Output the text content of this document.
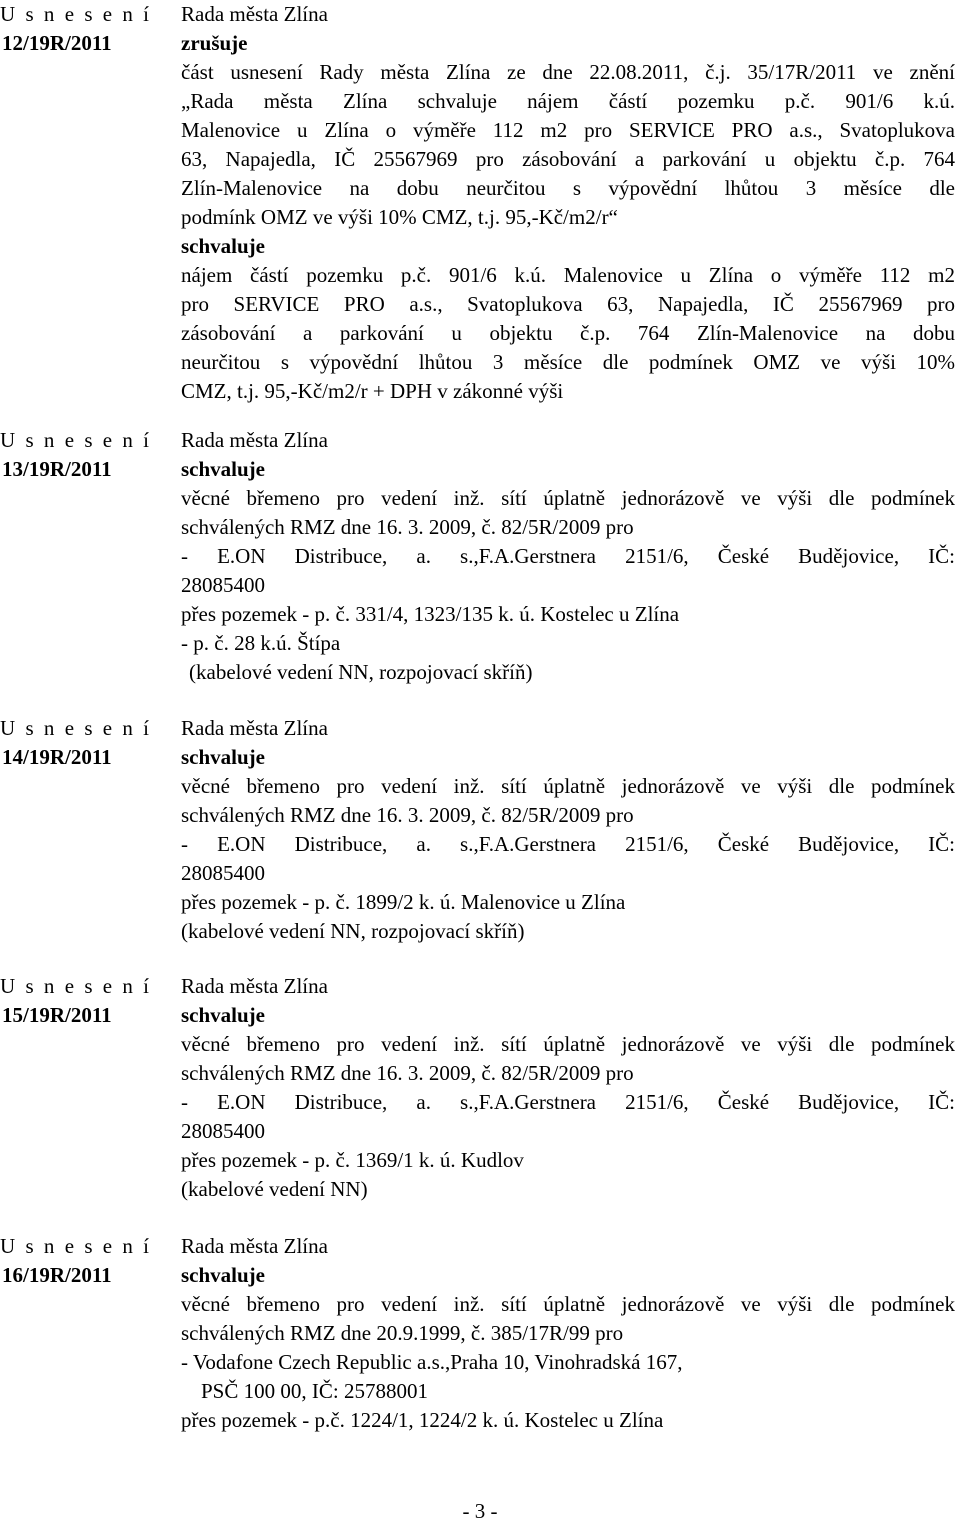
U s n e s e n í
12/19R/2011
Rada města Zlína
zrušuje
část usnesení Rady města Zlína ze dne 22.08.2011, č.j. 35/17R/2011 ve znění
„Rada města Zlína schvaluje nájem částí pozemku p.č. 901/6 k.ú.
Malenovice u Zlína o výměře 112 m2 pro SERVICE PRO a.s., Svatoplukova
63, Napajedla, IČ 25567969 pro zásobování a parkování u objektu č.p. 764
Zlín-Malenovice na dobu neurčitou s výpovědní lhůtou 3 měsíce dle
podmínk OMZ ve výši 10% CMZ, t.j. 95,-Kč/m2/r“
schvaluje
nájem částí pozemku p.č. 901/6 k.ú. Malenovice u Zlína o výměře 112 m2
pro SERVICE PRO a.s., Svatoplukova 63, Napajedla, IČ 25567969 pro
zásobování a parkování u objektu č.p. 764 Zlín-Malenovice na dobu
neurčitou s výpovědní lhůtou 3 měsíce dle podmínek OMZ ve výši 10%
CMZ, t.j. 95,-Kč/m2/r + DPH v zákonné výši
U s n e s e n í
13/19R/2011
Rada města Zlína
schvaluje
věcné břemeno pro vedení inž. sítí úplatně jednorázově ve výši dle podmínek
schválených RMZ dne 16. 3. 2009, č. 82/5R/2009 pro
- E.ON Distribuce, a. s.,F.A.Gerstnera 2151/6, České Budějovice, IČ:
28085400
přes pozemek - p. č. 331/4, 1323/135 k. ú. Kostelec u Zlína
- p. č. 28 k.ú. Štípa
(kabelové vedení NN, rozpojovací skříň)
U s n e s e n í
14/19R/2011
Rada města Zlína
schvaluje
věcné břemeno pro vedení inž. sítí úplatně jednorázově ve výši dle podmínek
schválených RMZ dne 16. 3. 2009, č. 82/5R/2009 pro
- E.ON Distribuce, a. s.,F.A.Gerstnera 2151/6, České Budějovice, IČ:
28085400
přes pozemek - p. č. 1899/2 k. ú. Malenovice u Zlína
(kabelové vedení NN, rozpojovací skříň)
U s n e s e n í
15/19R/2011
Rada města Zlína
schvaluje
věcné břemeno pro vedení inž. sítí úplatně jednorázově ve výši dle podmínek
schválených RMZ dne 16. 3. 2009, č. 82/5R/2009 pro
- E.ON Distribuce, a. s.,F.A.Gerstnera 2151/6, České Budějovice, IČ:
28085400
přes pozemek - p. č. 1369/1 k. ú. Kudlov
(kabelové vedení NN)
U s n e s e n í
16/19R/2011
Rada města Zlína
schvaluje
věcné břemeno pro vedení inž. sítí úplatně jednorázově ve výši dle podmínek
schválených RMZ dne 20.9.1999, č. 385/17R/99 pro
- Vodafone Czech Republic a.s.,Praha 10, Vinohradská 167,
PSČ 100 00, IČ: 25788001
přes pozemek - p.č. 1224/1, 1224/2 k. ú. Kostelec u Zlína
- 3 -
